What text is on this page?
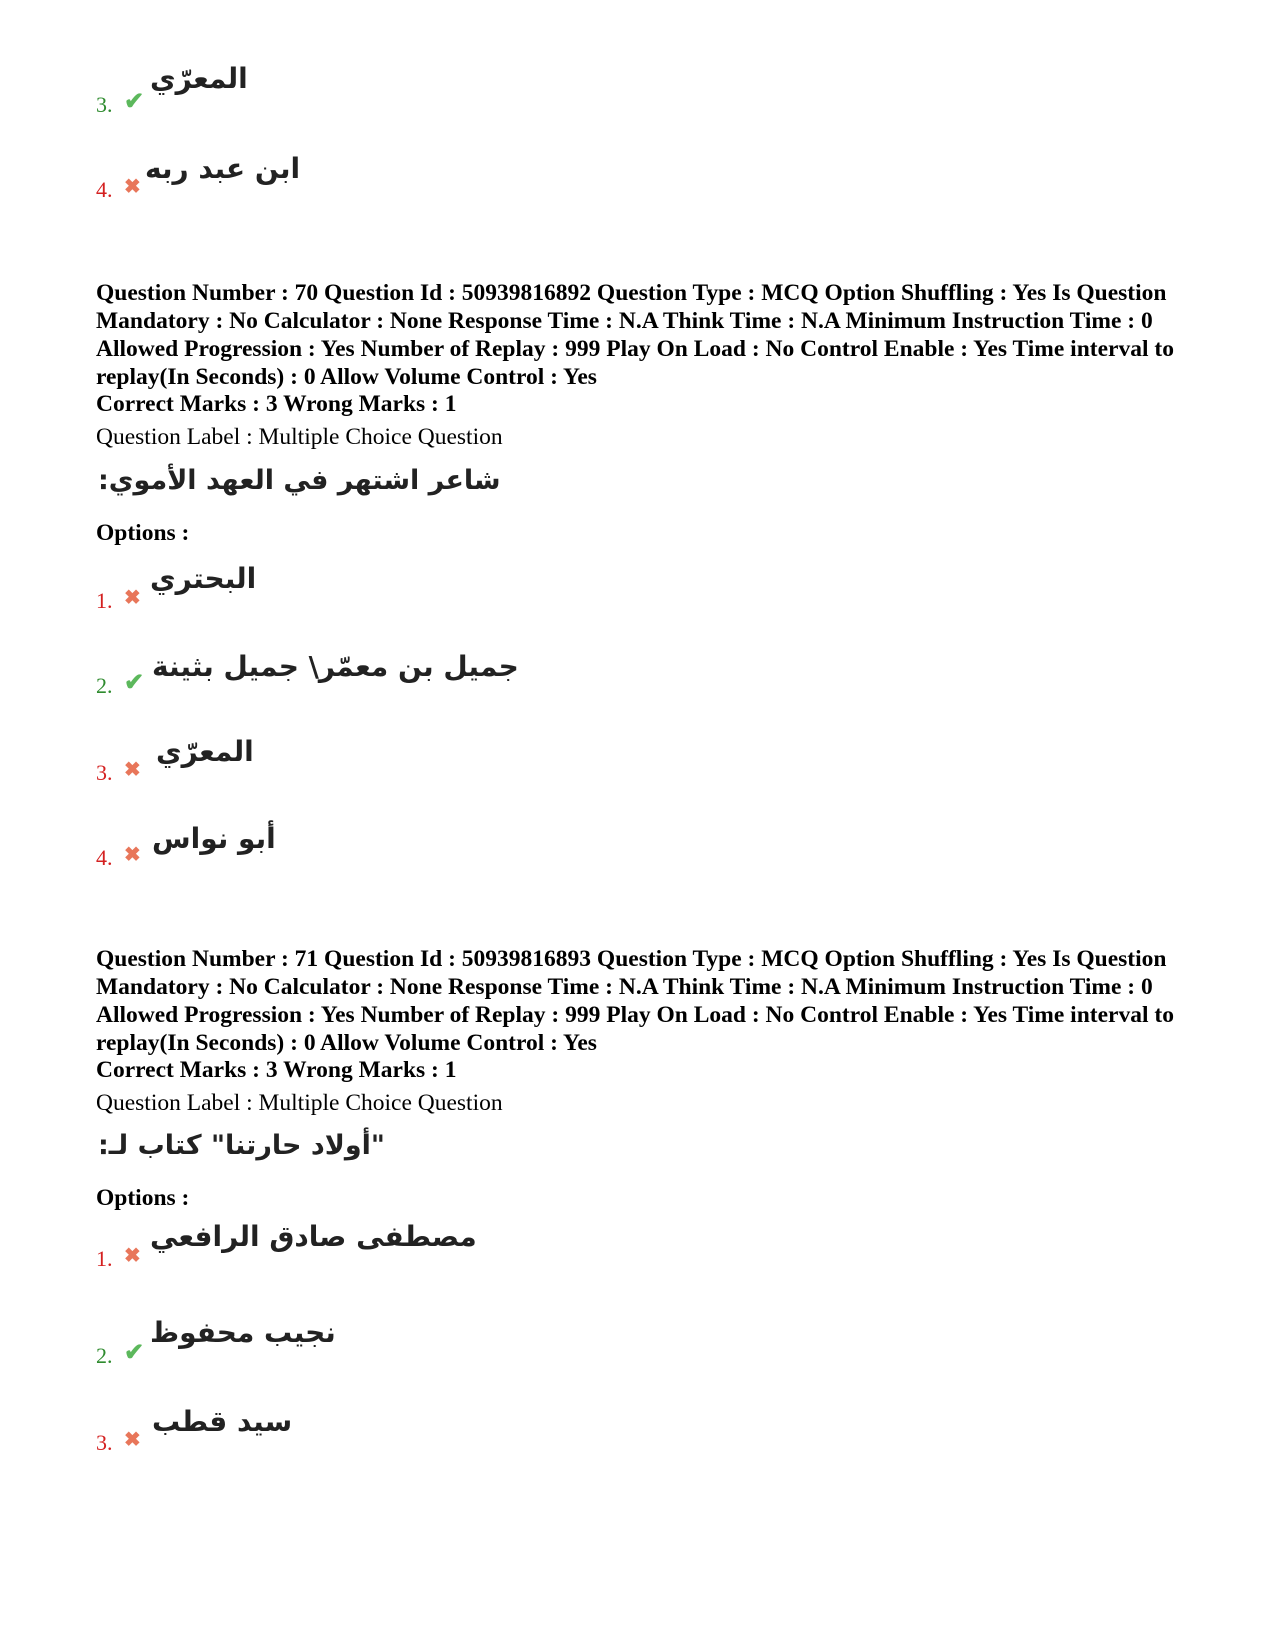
3. ✔
المعرّي
4. ✖
ابن عبد ربه
Question Number : 70 Question Id : 50939816892 Question Type : MCQ Option Shuffling : Yes Is Question Mandatory : No Calculator : None Response Time : N.A Think Time : N.A Minimum Instruction Time : 0 Allowed Progression : Yes Number of Replay : 999 Play On Load : No Control Enable : Yes Time interval to replay(In Seconds) : 0 Allow Volume Control : Yes
Correct Marks : 3 Wrong Marks : 1
Question Label : Multiple Choice Question
شاعر اشتهر في العهد الأموي:
Options :
1. ✖
البحتري
2. ✔ جميل بن معمّر\ جميل بثينة
3. ✖
المعرّي
4. ✖ أبو نواس
Question Number : 71 Question Id : 50939816893 Question Type : MCQ Option Shuffling : Yes Is Question Mandatory : No Calculator : None Response Time : N.A Think Time : N.A Minimum Instruction Time : 0 Allowed Progression : Yes Number of Replay : 999 Play On Load : No Control Enable : Yes Time interval to replay(In Seconds) : 0 Allow Volume Control : Yes
Correct Marks : 3 Wrong Marks : 1
Question Label : Multiple Choice Question
"أولاد حارتنا" كتاب لـ:
Options :
1. ✖
مصطفى صادق الرافعي
2. ✔
نجيب محفوظ
3. ✖
سيد قطب
